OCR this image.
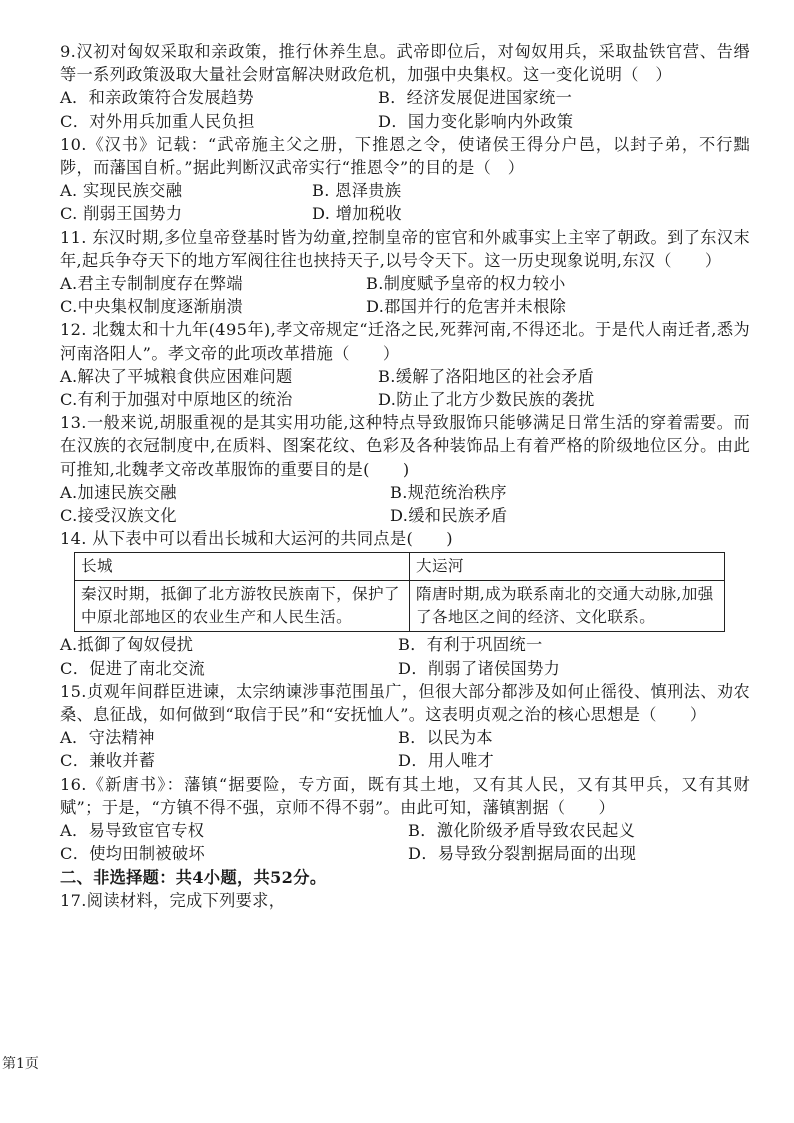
9.汉初对匈奴采取和亲政策，推行休养生息。武帝即位后，对匈奴用兵，采取盐铁官营、告缗等一系列政策汲取大量社会财富解决财政危机，加强中央集权。这一变化说明（　）

A．和亲政策符合发展趋势	B．经济发展促进国家统一
C．对外用兵加重人民负担	D．国力变化影响内外政策

10.《汉书》记载：“武帝施主父之册，下推恩之令，使诸侯王得分户邑，以封子弟，不行黜陟，而藩国自析。”据此判断汉武帝实行“推恩令”的目的是（　）

A. 实现民族交融	B. 恩泽贵族
C. 削弱王国势力	D. 增加税收

11. 东汉时期,多位皇帝登基时皆为幼童,控制皇帝的宦官和外戚事实上主宰了朝政。到了东汉末年,起兵争夺天下的地方军阀往往也挟持天子,以号令天下。这一历史现象说明,东汉（　　）

A.君主专制制度存在弊端	B.制度赋予皇帝的权力较小
C.中央集权制度逐渐崩溃	D.郡国并行的危害并未根除

12. 北魏太和十九年(495年),孝文帝规定“迁洛之民,死葬河南,不得还北。于是代人南迁者,悉为河南洛阳人”。孝文帝的此项改革措施（　　）

A.解决了平城粮食供应困难问题	B.缓解了洛阳地区的社会矛盾
C.有利于加强对中原地区的统治	D.防止了北方少数民族的袭扰

13.一般来说,胡服重视的是其实用功能,这种特点导致服饰只能够满足日常生活的穿着需要。而在汉族的衣冠制度中,在质料、图案花纹、色彩及各种装饰品上有着严格的阶级地位区分。由此可推知,北魏孝文帝改革服饰的重要目的是(　　)

A.加速民族交融	B.规范统治秩序
C.接受汉族文化	D.缓和民族矛盾

14. 从下表中可以看出长城和大运河的共同点是(　　)

长城	大运河
秦汉时期，抵御了北方游牧民族南下，保护了中原北部地区的农业生产和人民生活。	隋唐时期,成为联系南北的交通大动脉,加强了各地区之间的经济、文化联系。
A.抵御了匈奴侵扰	B．有利于巩固统一
C．促进了南北交流	D．削弱了诸侯国势力

15.贞观年间群臣进谏，太宗纳谏涉事范围虽广，但很大部分都涉及如何止徭役、慎刑法、劝农桑、息征战，如何做到“取信于民”和“安抚恤人”。这表明贞观之治的核心思想是（　　）

A．守法精神	B．以民为本
C．兼收并蓄	D．用人唯才

16.《新唐书》：藩镇“据要险，专方面，既有其土地，又有其人民，又有其甲兵，又有其财赋”；于是，“方镇不得不强，京师不得不弱”。由此可知，藩镇割据（　　）

A．易导致宦官专权	B．激化阶级矛盾导致农民起义
C．使均田制被破坏	D．易导致分裂割据局面的出现
二、非选择题：共4小题，共52分。
17.阅读材料，完成下列要求，
第1页
